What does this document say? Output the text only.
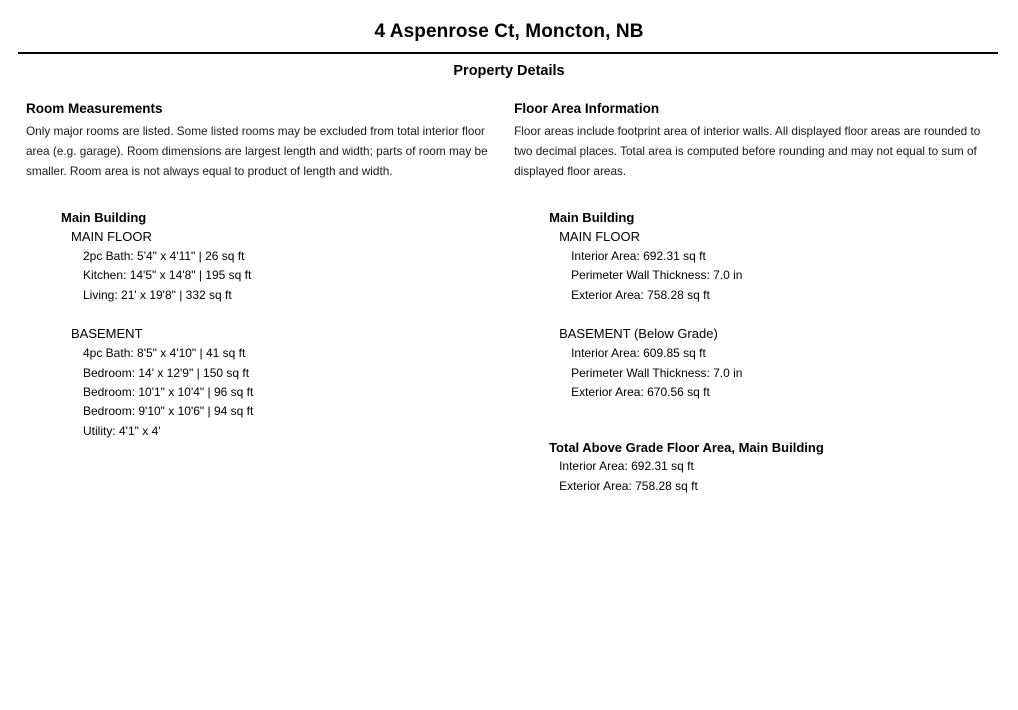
4 Aspenrose Ct, Moncton, NB
Property Details
Room Measurements

Only major rooms are listed. Some listed rooms may be excluded from total interior floor area (e.g. garage). Room dimensions are largest length and width; parts of room may be smaller. Room area is not always equal to product of length and width.

Main Building
MAIN FLOOR
2pc Bath: 5'4" x 4'11" | 26 sq ft
Kitchen: 14'5" x 14'8" | 195 sq ft
Living: 21' x 19'8" | 332 sq ft
BASEMENT
4pc Bath: 8'5" x 4'10" | 41 sq ft
Bedroom: 14' x 12'9" | 150 sq ft
Bedroom: 10'1" x 10'4" | 96 sq ft
Bedroom: 9'10" x 10'6" | 94 sq ft
Utility: 4'1" x 4'
Floor Area Information

Floor areas include footprint area of interior walls. All displayed floor areas are rounded to two decimal places. Total area is computed before rounding and may not equal to sum of displayed floor areas.

Main Building
MAIN FLOOR
Interior Area: 692.31 sq ft
Perimeter Wall Thickness: 7.0 in
Exterior Area: 758.28 sq ft
BASEMENT (Below Grade)
Interior Area: 609.85 sq ft
Perimeter Wall Thickness: 7.0 in
Exterior Area: 670.56 sq ft
Total Above Grade Floor Area, Main Building
Interior Area: 692.31 sq ft
Exterior Area: 758.28 sq ft
